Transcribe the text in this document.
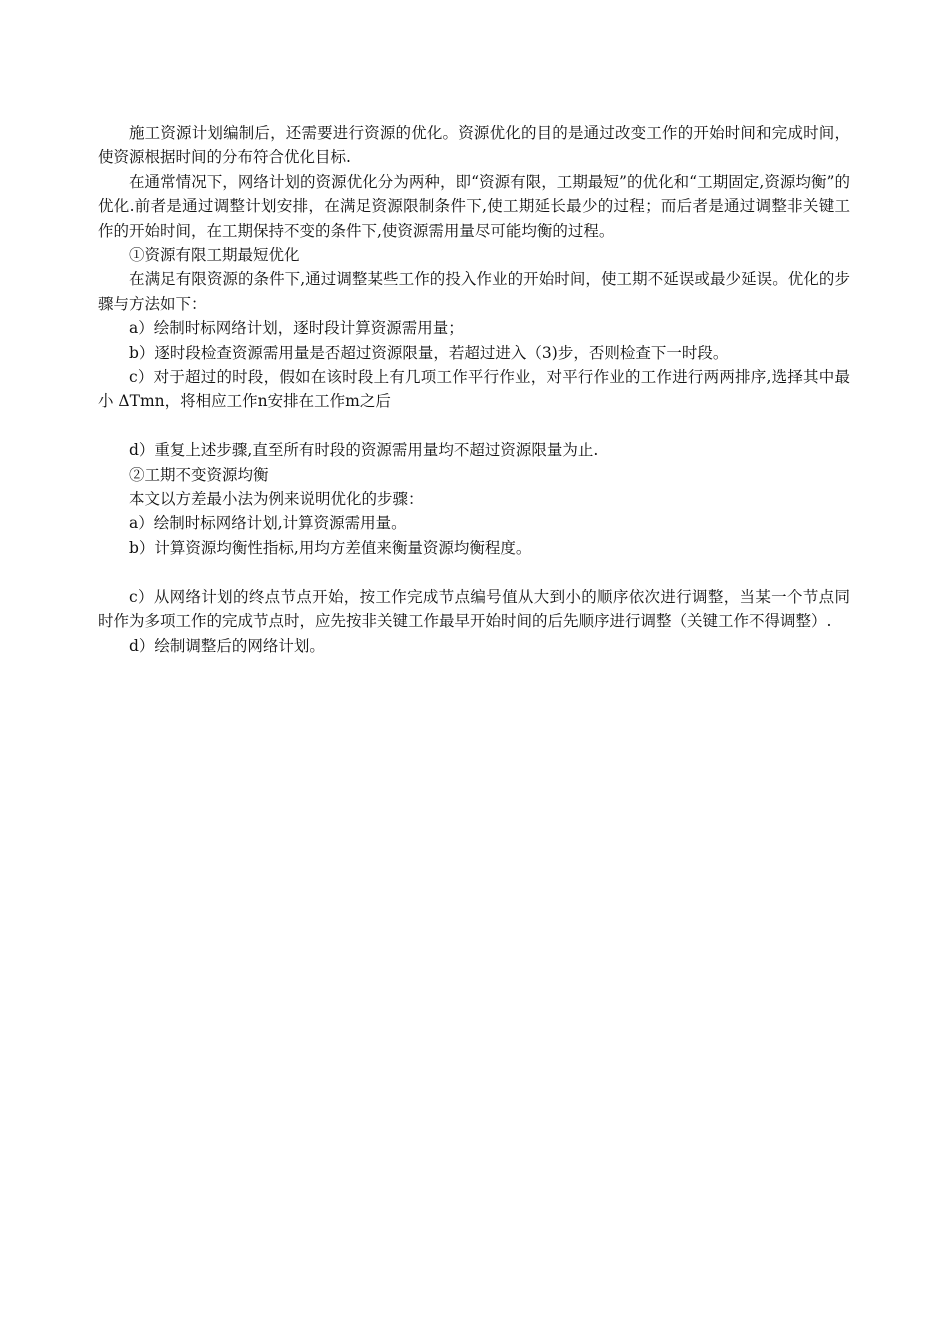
施工资源计划编制后，还需要进行资源的优化。资源优化的目的是通过改变工作的开始时间和完成时间，使资源根据时间的分布符合优化目标.

在通常情况下，网络计划的资源优化分为两种，即“资源有限，工期最短”的优化和“工期固定,资源均衡”的优化.前者是通过调整计划安排，在满足资源限制条件下,使工期延长最少的过程；而后者是通过调整非关键工作的开始时间，在工期保持不变的条件下,使资源需用量尽可能均衡的过程。

①资源有限工期最短优化

在满足有限资源的条件下,通过调整某些工作的投入作业的开始时间，使工期不延误或最少延误。优化的步骤与方法如下：

a）绘制时标网络计划，逐时段计算资源需用量；

b）逐时段检查资源需用量是否超过资源限量，若超过进入（3)步，否则检查下一时段。

c）对于超过的时段，假如在该时段上有几项工作平行作业，对平行作业的工作进行两两排序,选择其中最小 ΔTmn，将相应工作n安排在工作m之后

d）重复上述步骤,直至所有时段的资源需用量均不超过资源限量为止.

②工期不变资源均衡

本文以方差最小法为例来说明优化的步骤：

a）绘制时标网络计划,计算资源需用量。

b）计算资源均衡性指标,用均方差值来衡量资源均衡程度。

c）从网络计划的终点节点开始，按工作完成节点编号值从大到小的顺序依次进行调整，当某一个节点同时作为多项工作的完成节点时，应先按非关键工作最早开始时间的后先顺序进行调整（关键工作不得调整）.

d）绘制调整后的网络计划。
